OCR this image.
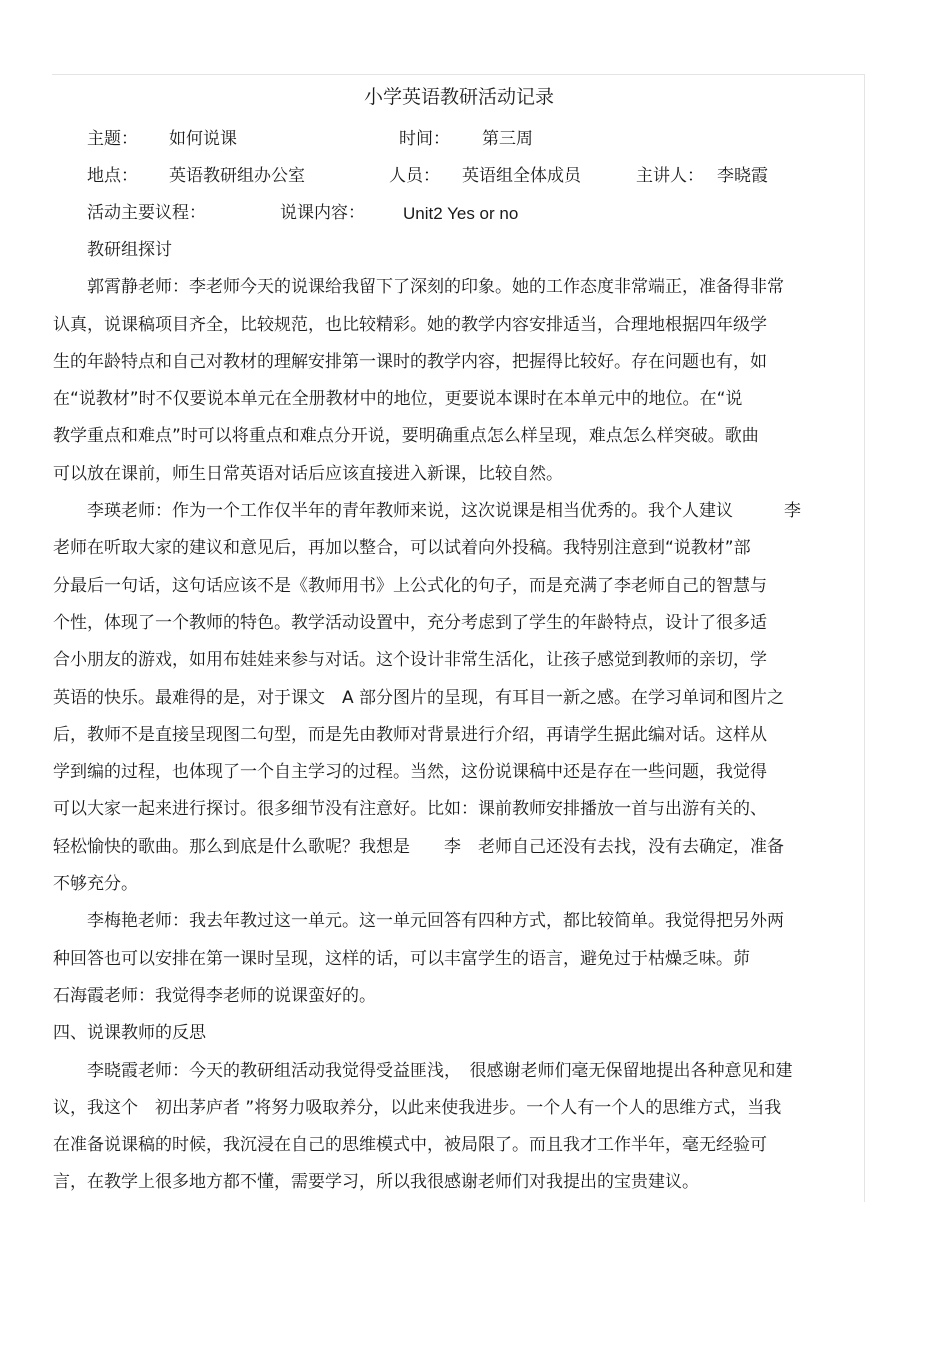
小学英语教研活动记录
主题： 如何说课	时间： 第三周
地点： 英语教研组办公室	人员： 英语组全体成员	主讲人： 李晓霞
活动主要议程：	说课内容： Unit2 Yes or no
教研组探讨
郭霄静老师：李老师今天的说课给我留下了深刻的印象。她的工作态度非常端正，准备得非常
认真，说课稿项目齐全，比较规范，也比较精彩。她的教学内容安排适当，合理地根据四年级学
生的年龄特点和自己对教材的理解安排第一课时的教学内容，把握得比较好。存在问题也有，如
在“说教材”时不仅要说本单元在全册教材中的地位，更要说本课时在本单元中的地位。在“说
教学重点和难点”时可以将重点和难点分开说，要明确重点怎么样呈现，难点怎么样突破。歌曲
可以放在课前，师生日常英语对话后应该直接进入新课，比较自然。
李瑛老师：作为一个工作仅半年的青年教师来说，这次说课是相当优秀的。我个人建议　　　李
老师在听取大家的建议和意见后，再加以整合，可以试着向外投稿。我特别注意到“说教材”部
分最后一句话，这句话应该不是《教师用书》上公式化的句子，而是充满了李老师自己的智慧与
个性，体现了一个教师的特色。教学活动设置中，充分考虑到了学生的年龄特点，设计了很多适
合小朋友的游戏，如用布娃娃来参与对话。这个设计非常生活化，让孩子感觉到教师的亲切，学
英语的快乐。最难得的是，对于课文　A 部分图片的呈现，有耳目一新之感。在学习单词和图片之
后，教师不是直接呈现图二句型，而是先由教师对背景进行介绍，再请学生据此编对话。这样从
学到编的过程，也体现了一个自主学习的过程。当然，这份说课稿中还是存在一些问题，我觉得
可以大家一起来进行探讨。很多细节没有注意好。比如：课前教师安排播放一首与出游有关的、
轻松愉快的歌曲。那么到底是什么歌呢？我想是　　李　老师自己还没有去找，没有去确定，准备
不够充分。
李梅艳老师：我去年教过这一单元。这一单元回答有四种方式，都比较简单。我觉得把另外两
种回答也可以安排在第一课时呈现，这样的话，可以丰富学生的语言，避免过于枯燥乏味。茆
石海霞老师：我觉得李老师的说课蛮好的。
四、说课教师的反思
李晓霞老师：今天的教研组活动我觉得受益匪浅，　很感谢老师们毫无保留地提出各种意见和建
议，我这个　初出茅庐者 ”将努力吸取养分，以此来使我进步。一个人有一个人的思维方式，当我
在准备说课稿的时候，我沉浸在自己的思维模式中，被局限了。而且我才工作半年，毫无经验可
言，在教学上很多地方都不懂，需要学习，所以我很感谢老师们对我提出的宝贵建议。
